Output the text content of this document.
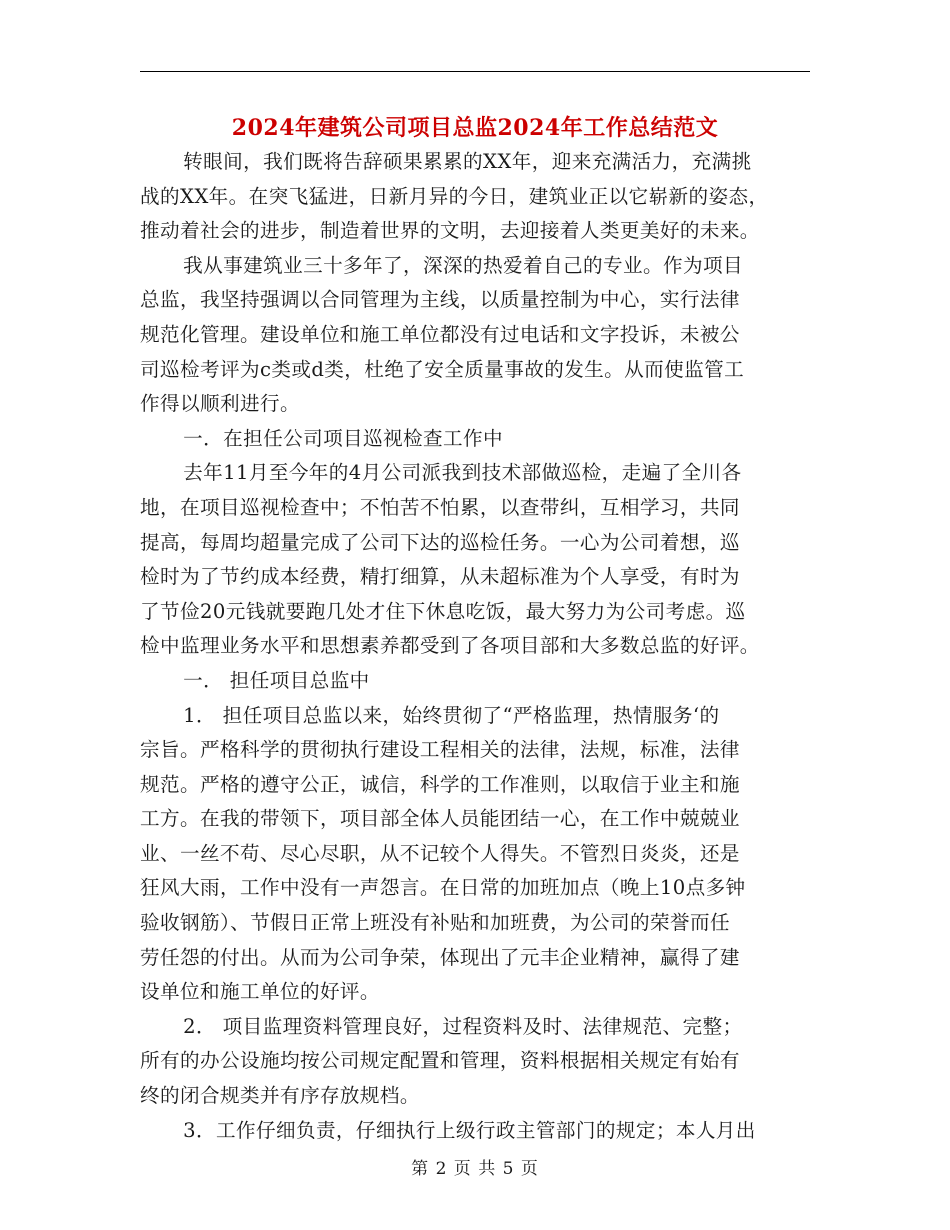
2024年建筑公司项目总监2024年工作总结范文
转眼间，我们既将告辞硕果累累的XX年，迎来充满活力，充满挑
战的XX年。在突飞猛进，日新月异的今日，建筑业正以它崭新的姿态，
推动着社会的进步，制造着世界的文明，去迎接着人类更美好的未来。
我从事建筑业三十多年了，深深的热爱着自己的专业。作为项目
总监，我坚持强调以合同管理为主线，以质量控制为中心，实行法律
规范化管理。建设单位和施工单位都没有过电话和文字投诉，未被公
司巡检考评为c类或d类，杜绝了安全质量事故的发生。从而使监管工
作得以顺利进行。
一．在担任公司项目巡视检查工作中
去年11月至今年的4月公司派我到技术部做巡检，走遍了全川各
地，在项目巡视检查中；不怕苦不怕累，以查带纠，互相学习，共同
提高，每周均超量完成了公司下达的巡检任务。一心为公司着想，巡
检时为了节约成本经费，精打细算，从未超标准为个人享受，有时为
了节俭20元钱就要跑几处才住下休息吃饭，最大努力为公司考虑。巡
检中监理业务水平和思想素养都受到了各项目部和大多数总监的好评。
一． 担任项目总监中
1． 担任项目总监以来，始终贯彻了“严格监理，热情服务‘的
宗旨。严格科学的贯彻执行建设工程相关的法律，法规，标准，法律
规范。严格的遵守公正，诚信，科学的工作准则，以取信于业主和施
工方。在我的带领下，项目部全体人员能团结一心，在工作中兢兢业
业、一丝不苟、尽心尽职，从不记较个人得失。不管烈日炎炎，还是
狂风大雨，工作中没有一声怨言。在日常的加班加点（晚上10点多钟
验收钢筋）、节假日正常上班没有补贴和加班费，为公司的荣誉而任
劳任怨的付出。从而为公司争荣，体现出了元丰企业精神，赢得了建
设单位和施工单位的好评。
2． 项目监理资料管理良好，过程资料及时、法律规范、完整；
所有的办公设施均按公司规定配置和管理，资料根据相关规定有始有
终的闭合规类并有序存放规档。
3．工作仔细负责，仔细执行上级行政主管部门的规定；本人月出
第 2 页 共 5 页
